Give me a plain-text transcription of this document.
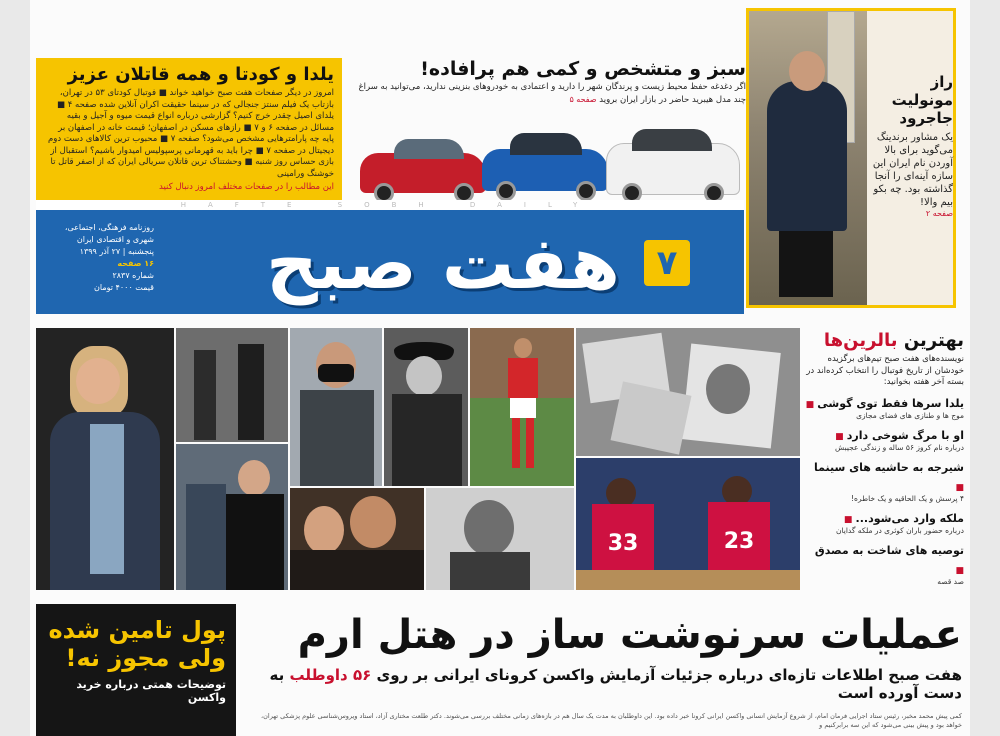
یلدا و کودتا و همه قاتلان عزیز

امروز در دیگر صفحات هفت صبح خواهید خواند ■ فوتبال کودتای ۵۳ در تهران، بازتاب یک فیلم سنتز جنجالی که در سینما حقیقت اکران آنلاین شده صفحه ۴ ■ یلدای اصیل چقدر خرج کنیم؟ گزارشی درباره انواع قیمت میوه و آجیل و بقیه مسائل در صفحه ۶ و ۷ ■ رازهای مسکن در اصفهان؛ قیمت خانه در اصفهان بر پایه چه پارامترهایی مشخص می‌شود؟ صفحه ۷ ■ محبوب ترین کالاهای دست دوم دیجیتال در صفحه ۷ ■ چرا باید به قهرمانی پرسپولیس امیدوار باشیم؟ استقبال از بازی حساس روز شنبه ■ وحشتناک ترین قاتلان سریالی ایران که از اصفر قاتل تا خوشنگ ورامینی

این مطالب را در صفحات مختلف امروز دنبال کنید
سبز و متشخص و کمی هم پرافاده!

اگر دغدغه حفظ محیط زیست و پرندگان شهر را دارید و اعتمادی به خودروهای بنزینی ندارید، می‌توانید به سراغ چند مدل هیبرید حاضر در بازار ایران بروید صفحه ۵

راز مونولیت جاجرود

یک مشاور برندینگ می‌گوید برای بالا آوردن نام ایران این سازه آینه‌ای را آنجا گذاشته بود. چه بکو بیم والا!

صفحه ۲
HAFTE SOBH DAILY
روزنامه فرهنگی، اجتماعی، شهری و اقتصادی ایران
پنجشنبه | ۲۷ آذر ۱۳۹۹
۱۶ صفحه
شماره ۲۸۳۷
قیمت ۴۰۰۰ تومان هفت صبح	۷
33	23
بهترین بالرین‌ها

نویسنده‌های هفت صبح تیم‌های برگزیده خودشان از تاریخ فوتبال را انتخاب کرده‌اند در بسته آخر هفته بخوانید:

یلدا سرها فقط توی گوشی ■
موج ها و طنازی های فضای مجازی
او با مرگ شوخی دارد ■
درباره نام کروز ۵۶ ساله و زندگی عجیبش
شیرجه به حاشیه های سینما ■
۴ پرسش و یک الحاقیه و یک خاطره!
ملکه وارد می‌شود... ■
درباره حضور باران کوثری در ملکه گدایان
توصیه های شاخت به مصدق ■
صد قصه
پول تامین شده
ولی مجوز نه!

توضیحات همتی درباره خرید واکسن

عملیات سرنوشت ساز در هتل ارم
هفت صبح اطلاعات تازه‌ای درباره جزئیات آزمایش واکسن کرونای ایرانی بر روی ۵۶ داوطلب به دست آورده است
کمی پیش محمد مخبر، رئیس ستاد اجرایی فرمان امام، از شروع آزمایش انسانی واکسن ایرانی کرونا خبر داده بود. این داوطلبان به مدت یک سال هم در بازه‌های زمانی مختلف بررسی می‌شوند. دکتر طلعت مختاری آزاد، استاد ویروس‌شناسی علوم پزشکی تهران، خواهد بود و پیش بینی می‌شود که این سه برابرکنیم و
